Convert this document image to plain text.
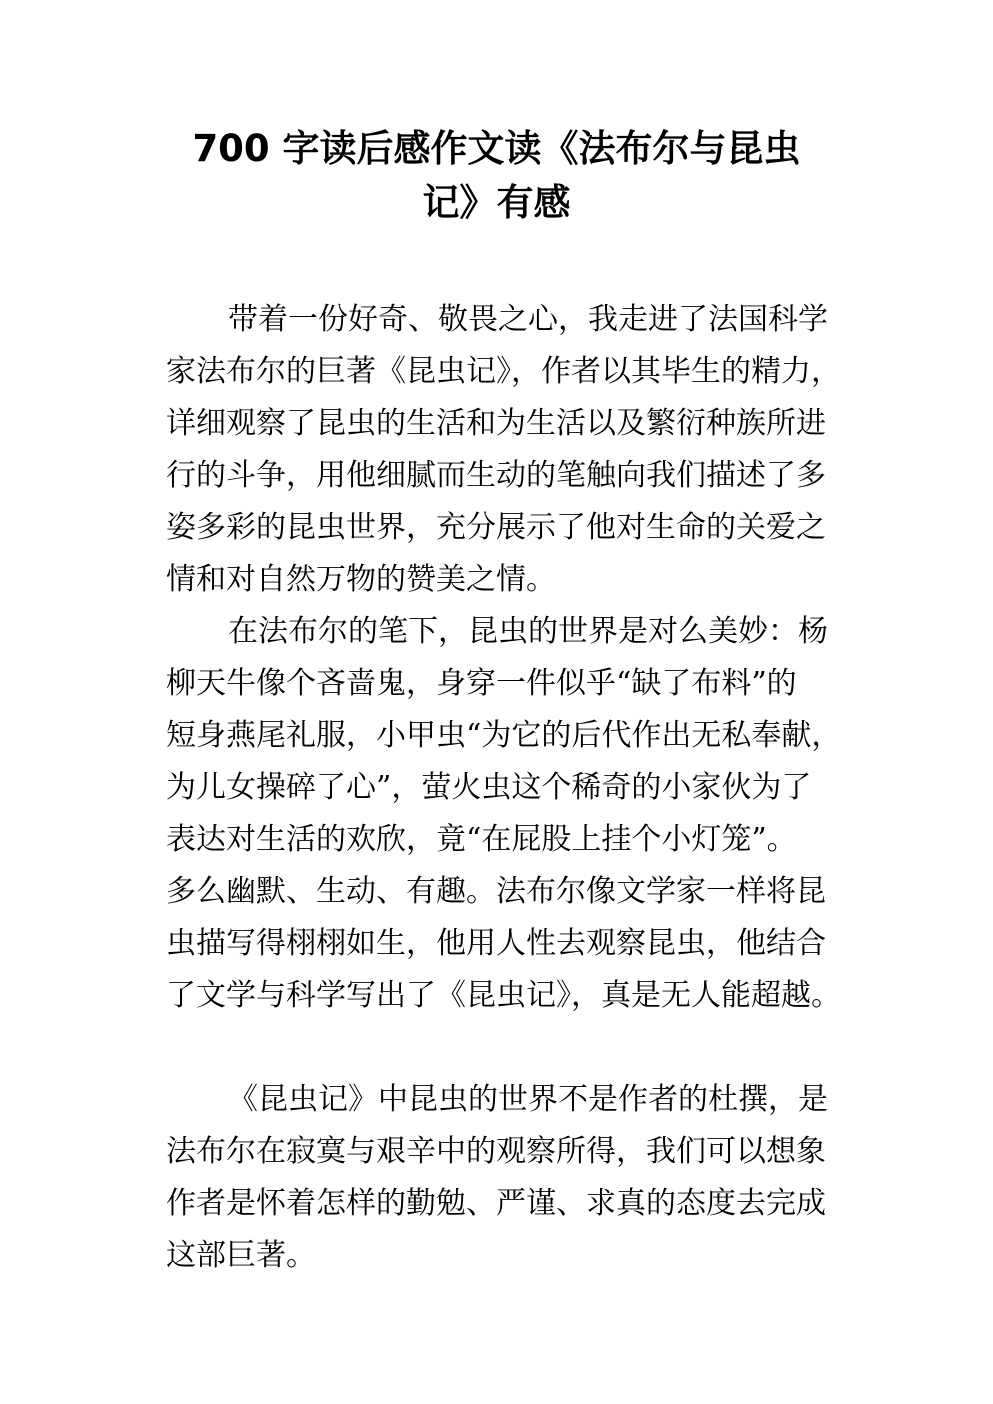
700 字读后感作文读《法布尔与昆虫
记》有感

带着一份好奇、敬畏之心，我走进了法国科学

家法布尔的巨著《昆虫记》，作者以其毕生的精力，

详细观察了昆虫的生活和为生活以及繁衍种族所进

行的斗争，用他细腻而生动的笔触向我们描述了多

姿多彩的昆虫世界，充分展示了他对生命的关爱之

情和对自然万物的赞美之情。

在法布尔的笔下，昆虫的世界是对么美妙：杨

柳天牛像个吝啬鬼，身穿一件似乎“缺了布料”的

短身燕尾礼服，小甲虫“为它的后代作出无私奉献，

为儿女操碎了心”，萤火虫这个稀奇的小家伙为了

表达对生活的欢欣，竟“在屁股上挂个小灯笼”。

多么幽默、生动、有趣。法布尔像文学家一样将昆

虫描写得栩栩如生，他用人性去观察昆虫，他结合

了文学与科学写出了《昆虫记》，真是无人能超越。

《昆虫记》中昆虫的世界不是作者的杜撰，是

法布尔在寂寞与艰辛中的观察所得，我们可以想象

作者是怀着怎样的勤勉、严谨、求真的态度去完成

这部巨著。
